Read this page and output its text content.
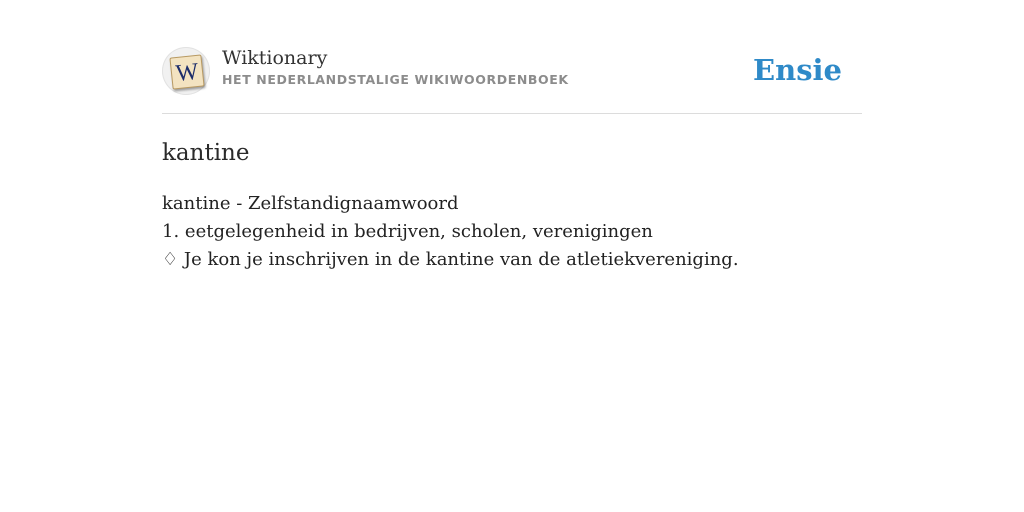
W
Wiktionary
HET NEDERLANDSTALIGE WIKIWOORDENBOEK	Ensie
kantine
kantine - Zelfstandignaamwoord
1. eetgelegenheid in bedrijven, scholen, verenigingen
♢ Je kon je inschrijven in de kantine van de atletiekvereniging.
